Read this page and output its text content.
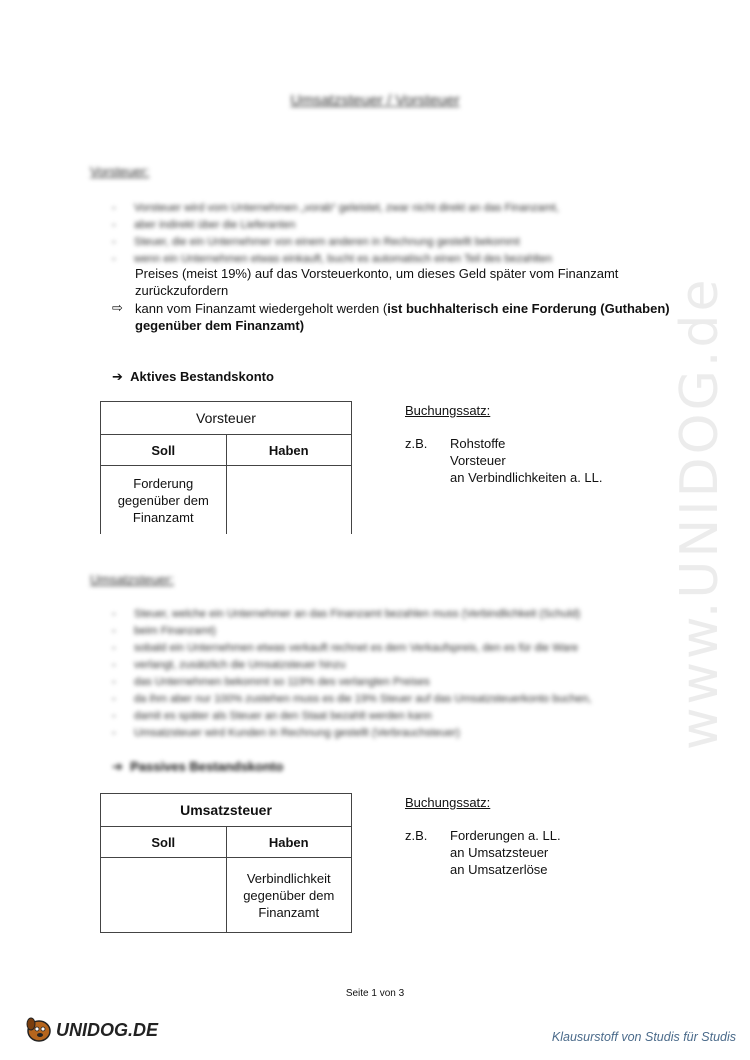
www.UNIDOG.de
Umsatzsteuer / Vorsteuer
Vorsteuer:
- Vorsteuer wird vom Unternehmen „vorab“ geleistet, zwar nicht direkt an das Finanzamt,
- aber indirekt über die Lieferanten
- Steuer, die ein Unternehmer von einem anderen in Rechnung gestellt bekommt
- wenn ein Unternehmen etwas einkauft, bucht es automatisch einen Teil des bezahlten
Preises (meist 19%) auf das Vorsteuerkonto, um dieses Geld später vom Finanzamt
zurückzufordern
⇨ kann vom Finanzamt wiedergeholt werden (ist buchhalterisch eine Forderung (Guthaben)
gegenüber dem Finanzamt)
➔ Aktives Bestandskonto
Vorsteuer	
Soll	Haben
Forderung gegenüber dem Finanzamt	
Buchungssatz:
z.B. Rohstoffe
Vorsteuer
an Verbindlichkeiten a. LL.
Umsatzsteuer:
- Steuer, welche ein Unternehmer an das Finanzamt bezahlen muss (Verbindlichkeit (Schuld)
- beim Finanzamt)
- sobald ein Unternehmen etwas verkauft rechnet es dem Verkaufspreis, den es für die Ware
- verlangt, zusätzlich die Umsatzsteuer hinzu
- das Unternehmen bekommt so 119% des verlangten Preises
- da ihm aber nur 100% zustehen muss es die 19% Steuer auf das Umsatzsteuerkonto buchen,
- damit es später als Steuer an den Staat bezahlt werden kann
- Umsatzsteuer wird Kunden in Rechnung gestellt (Verbrauchsteuer)
➔ Passives Bestandskonto
Umsatzsteuer	
Soll	Haben
	Verbindlichkeit gegenüber dem Finanzamt
Buchungssatz:
z.B. Forderungen a. LL.
an Umsatzsteuer
an Umsatzerlöse
Seite 1 von 3
UNIDOG.DE	Klausurstoff von Studis für Studis
